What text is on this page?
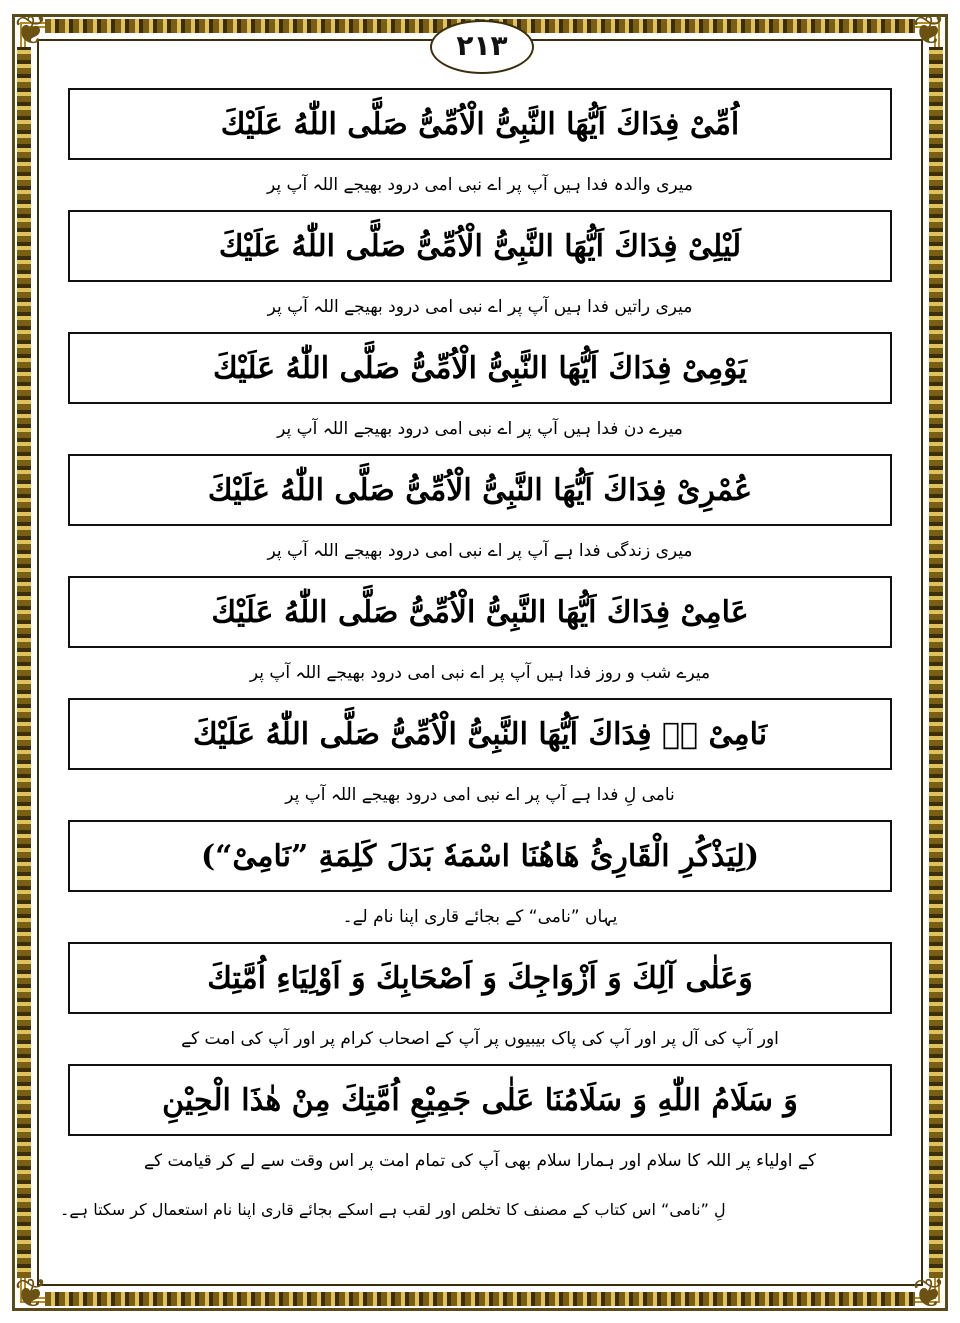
❦	❦
❦	❦
۲۱۳
اُمِّیْ فِدَاكَ اَیُّهَا النَّبِیُّ الْاُمِّیُّ صَلَّی اللّٰهُ عَلَیْكَ
میری والدہ فدا ہیں آپ پر اے نبی امی درود بھیجے اللہ آپ پر
لَیْلِیْ فِدَاكَ اَیُّهَا النَّبِیُّ الْاُمِّیُّ صَلَّی اللّٰهُ عَلَیْكَ
میری راتیں فدا ہیں آپ پر اے نبی امی درود بھیجے اللہ آپ پر
یَوْمِیْ فِدَاكَ اَیُّهَا النَّبِیُّ الْاُمِّیُّ صَلَّی اللّٰهُ عَلَیْكَ
میرے دن فدا ہیں آپ پر اے نبی امی درود بھیجے اللہ آپ پر
عُمْرِیْ فِدَاكَ اَیُّهَا النَّبِیُّ الْاُمِّیُّ صَلَّی اللّٰهُ عَلَیْكَ
میری زندگی فدا ہے آپ پر اے نبی امی درود بھیجے اللہ آپ پر
عَامِیْ فِدَاكَ اَیُّهَا النَّبِیُّ الْاُمِّیُّ صَلَّی اللّٰهُ عَلَیْكَ
میرے شب و روز فدا ہیں آپ پر اے نبی امی درود بھیجے اللہ آپ پر
نَامِیْ لٖ فِدَاكَ اَیُّهَا النَّبِیُّ الْاُمِّیُّ صَلَّی اللّٰهُ عَلَیْكَ
نامی لِ فدا ہے آپ پر اے نبی امی درود بھیجے اللہ آپ پر
(لِیَذْكُرِ الْقَارِئُ هَاهُنَا اسْمَهٗ بَدَلَ كَلِمَةِ ”نَامِیْ“)
یہاں ”نامی“ کے بجائے قاری اپنا نام لے۔
وَعَلٰی آلِكَ وَ اَزْوَاجِكَ وَ اَصْحَابِكَ وَ اَوْلِیَاءِ اُمَّتِكَ
اور آپ کی آل پر اور آپ کی پاک بیبیوں پر آپ کے اصحاب کرام پر اور آپ کی امت کے
وَ سَلَامُ اللّٰهِ وَ سَلَامُنَا عَلٰی جَمِیْعِ اُمَّتِكَ مِنْ هٰذَا الْحِیْنِ
کے اولیاء پر اللہ کا سلام اور ہمارا سلام بھی آپ کی تمام امت پر اس وقت سے لے کر قیامت کے
لِ ”نامی“ اس کتاب کے مصنف کا تخلص اور لقب ہے اسکے بجائے قاری اپنا نام استعمال کر سکتا ہے۔
